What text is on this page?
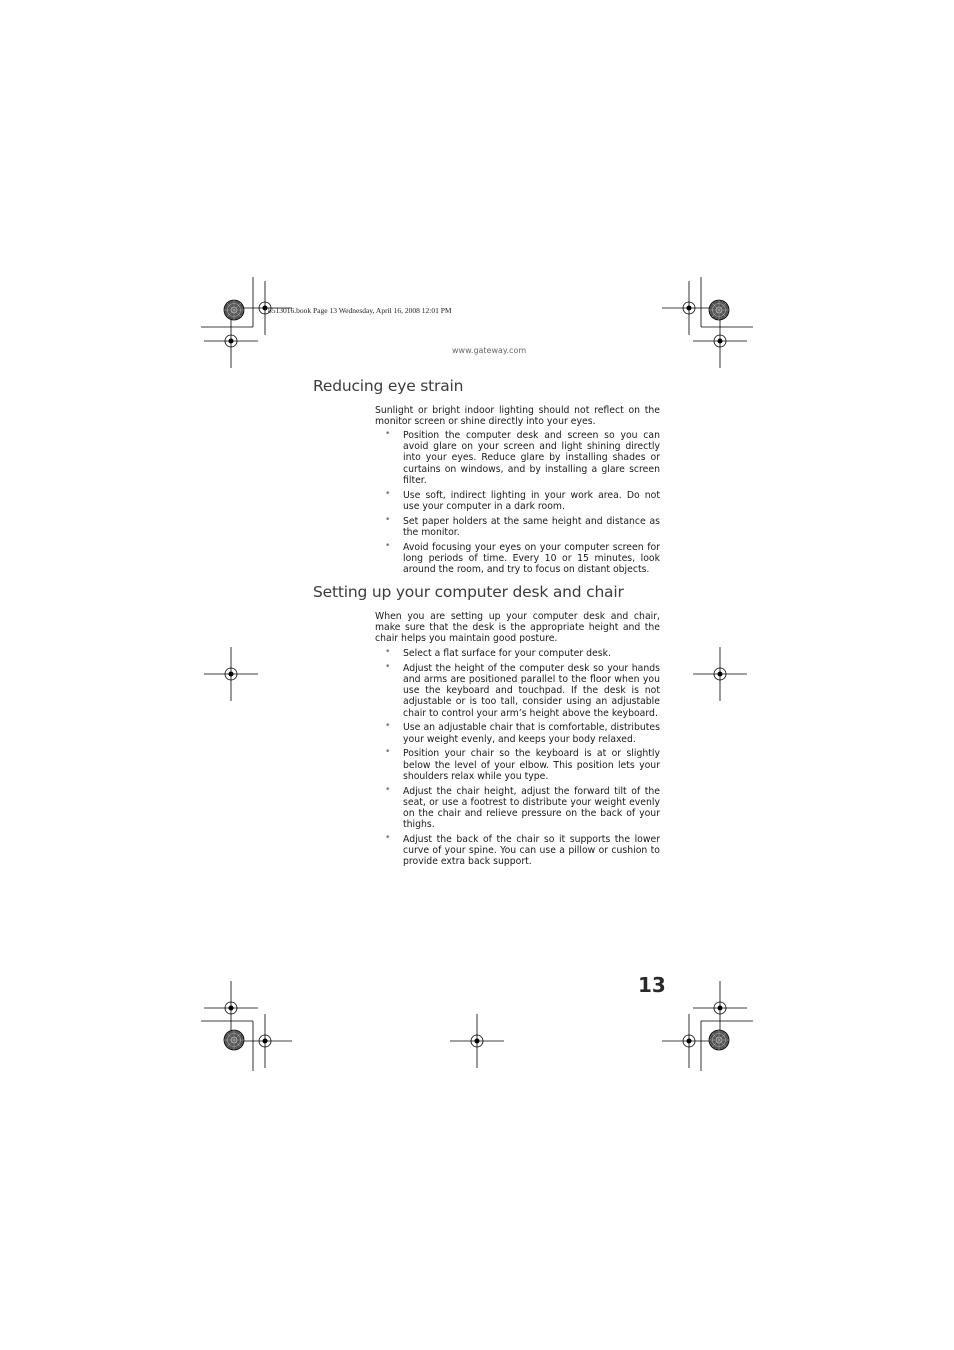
8513016.book Page 13 Wednesday, April 16, 2008 12:01 PM
www.gateway.com
Reducing eye strain

Sunlight or bright indoor lighting should not reflect on the monitor screen or shine directly into your eyes.

• Position the computer desk and screen so you can avoid glare on your screen and light shining directly into your eyes. Reduce glare by installing shades or curtains on windows, and by installing a glare screen filter.
• Use soft, indirect lighting in your work area. Do not use your computer in a dark room.
• Set paper holders at the same height and distance as the monitor.
• Avoid focusing your eyes on your computer screen for long periods of time. Every 10 or 15 minutes, look around the room, and try to focus on distant objects.
Setting up your computer desk and chair

When you are setting up your computer desk and chair, make sure that the desk is the appropriate height and the chair helps you maintain good posture.

• Select a flat surface for your computer desk.
• Adjust the height of the computer desk so your hands and arms are positioned parallel to the floor when you use the keyboard and touchpad. If the desk is not adjustable or is too tall, consider using an adjustable chair to control your arm’s height above the keyboard.
• Use an adjustable chair that is comfortable, distributes your weight evenly, and keeps your body relaxed.
• Position your chair so the keyboard is at or slightly below the level of your elbow. This position lets your shoulders relax while you type.
• Adjust the chair height, adjust the forward tilt of the seat, or use a footrest to distribute your weight evenly on the chair and relieve pressure on the back of your thighs.
• Adjust the back of the chair so it supports the lower curve of your spine. You can use a pillow or cushion to provide extra back support.
13
